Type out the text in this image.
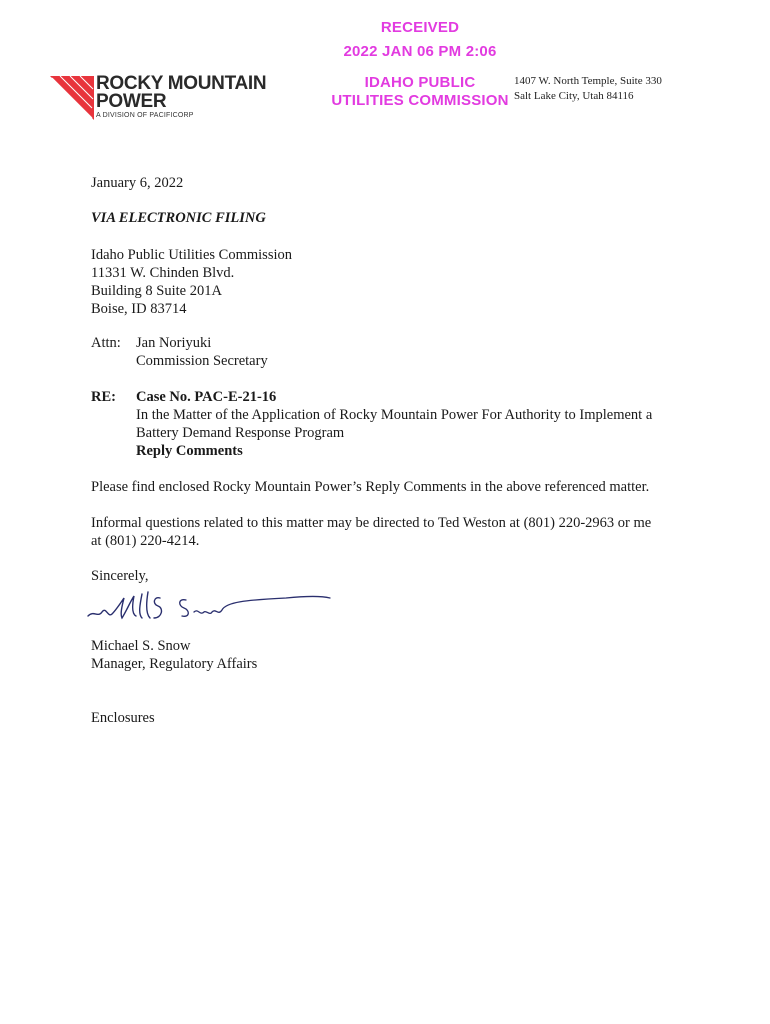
RECEIVED
2022 JAN 06 PM 2:06
IDAHO PUBLIC
UTILITIES COMMISSION
ROCKY MOUNTAIN
POWER
A DIVISION OF PACIFICORP
1407 W. North Temple, Suite 330
Salt Lake City, Utah 84116
January 6, 2022
VIA ELECTRONIC FILING
Idaho Public Utilities Commission
11331 W. Chinden Blvd.
Building 8 Suite 201A
Boise, ID 83714
Attn: Jan Noriyuki
Commission Secretary
RE: Case No. PAC-E-21-16
In the Matter of the Application of Rocky Mountain Power For Authority to Implement a
Battery Demand Response Program
Reply Comments
Please find enclosed Rocky Mountain Power’s Reply Comments in the above referenced matter.
Informal questions related to this matter may be directed to Ted Weston at (801) 220-2963 or me
at (801) 220-4214.
Sincerely,
Michael S. Snow
Manager, Regulatory Affairs
Enclosures
